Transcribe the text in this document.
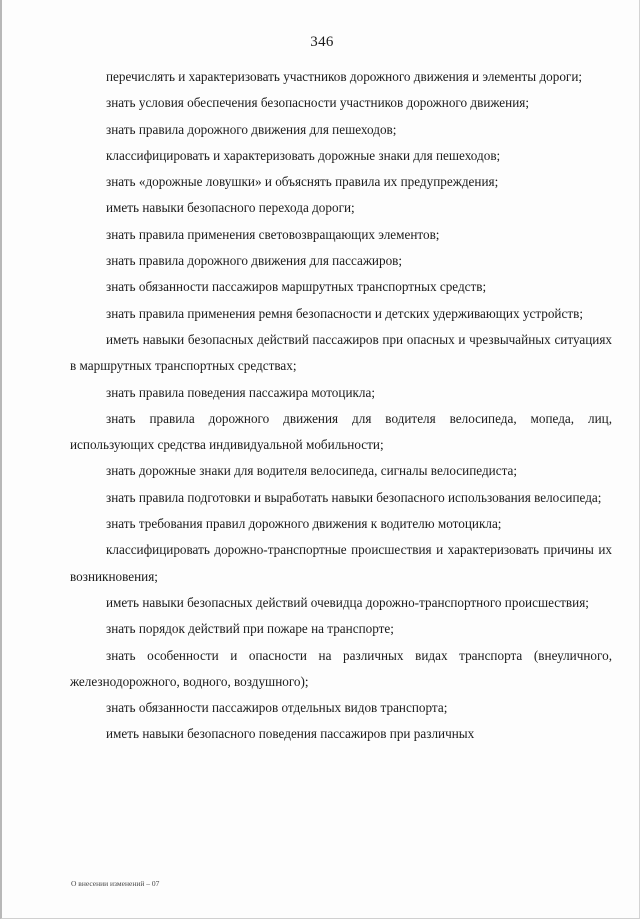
346

перечислять и характеризовать участников дорожного движения и элементы дороги;

знать условия обеспечения безопасности участников дорожного движения;

знать правила дорожного движения для пешеходов;

классифицировать и характеризовать дорожные знаки для пешеходов;

знать «дорожные ловушки» и объяснять правила их предупреждения;

иметь навыки безопасного перехода дороги;

знать правила применения световозвращающих элементов;

знать правила дорожного движения для пассажиров;

знать обязанности пассажиров маршрутных транспортных средств;

знать правила применения ремня безопасности и детских удерживающих устройств;

иметь навыки безопасных действий пассажиров при опасных и чрезвычайных ситуациях в маршрутных транспортных средствах;

знать правила поведения пассажира мотоцикла;

знать правила дорожного движения для водителя велосипеда, мопеда, лиц, использующих средства индивидуальной мобильности;

знать дорожные знаки для водителя велосипеда, сигналы велосипедиста;

знать правила подготовки и выработать навыки безопасного использования велосипеда;

знать требования правил дорожного движения к водителю мотоцикла;

классифицировать дорожно-транспортные происшествия и характеризовать причины их возникновения;

иметь навыки безопасных действий очевидца дорожно-транспортного происшествия;

знать порядок действий при пожаре на транспорте;

знать особенности и опасности на различных видах транспорта (внеуличного, железнодорожного, водного, воздушного);

знать обязанности пассажиров отдельных видов транспорта;

иметь навыки безопасного поведения пассажиров при различных

О внесении изменений – 07
